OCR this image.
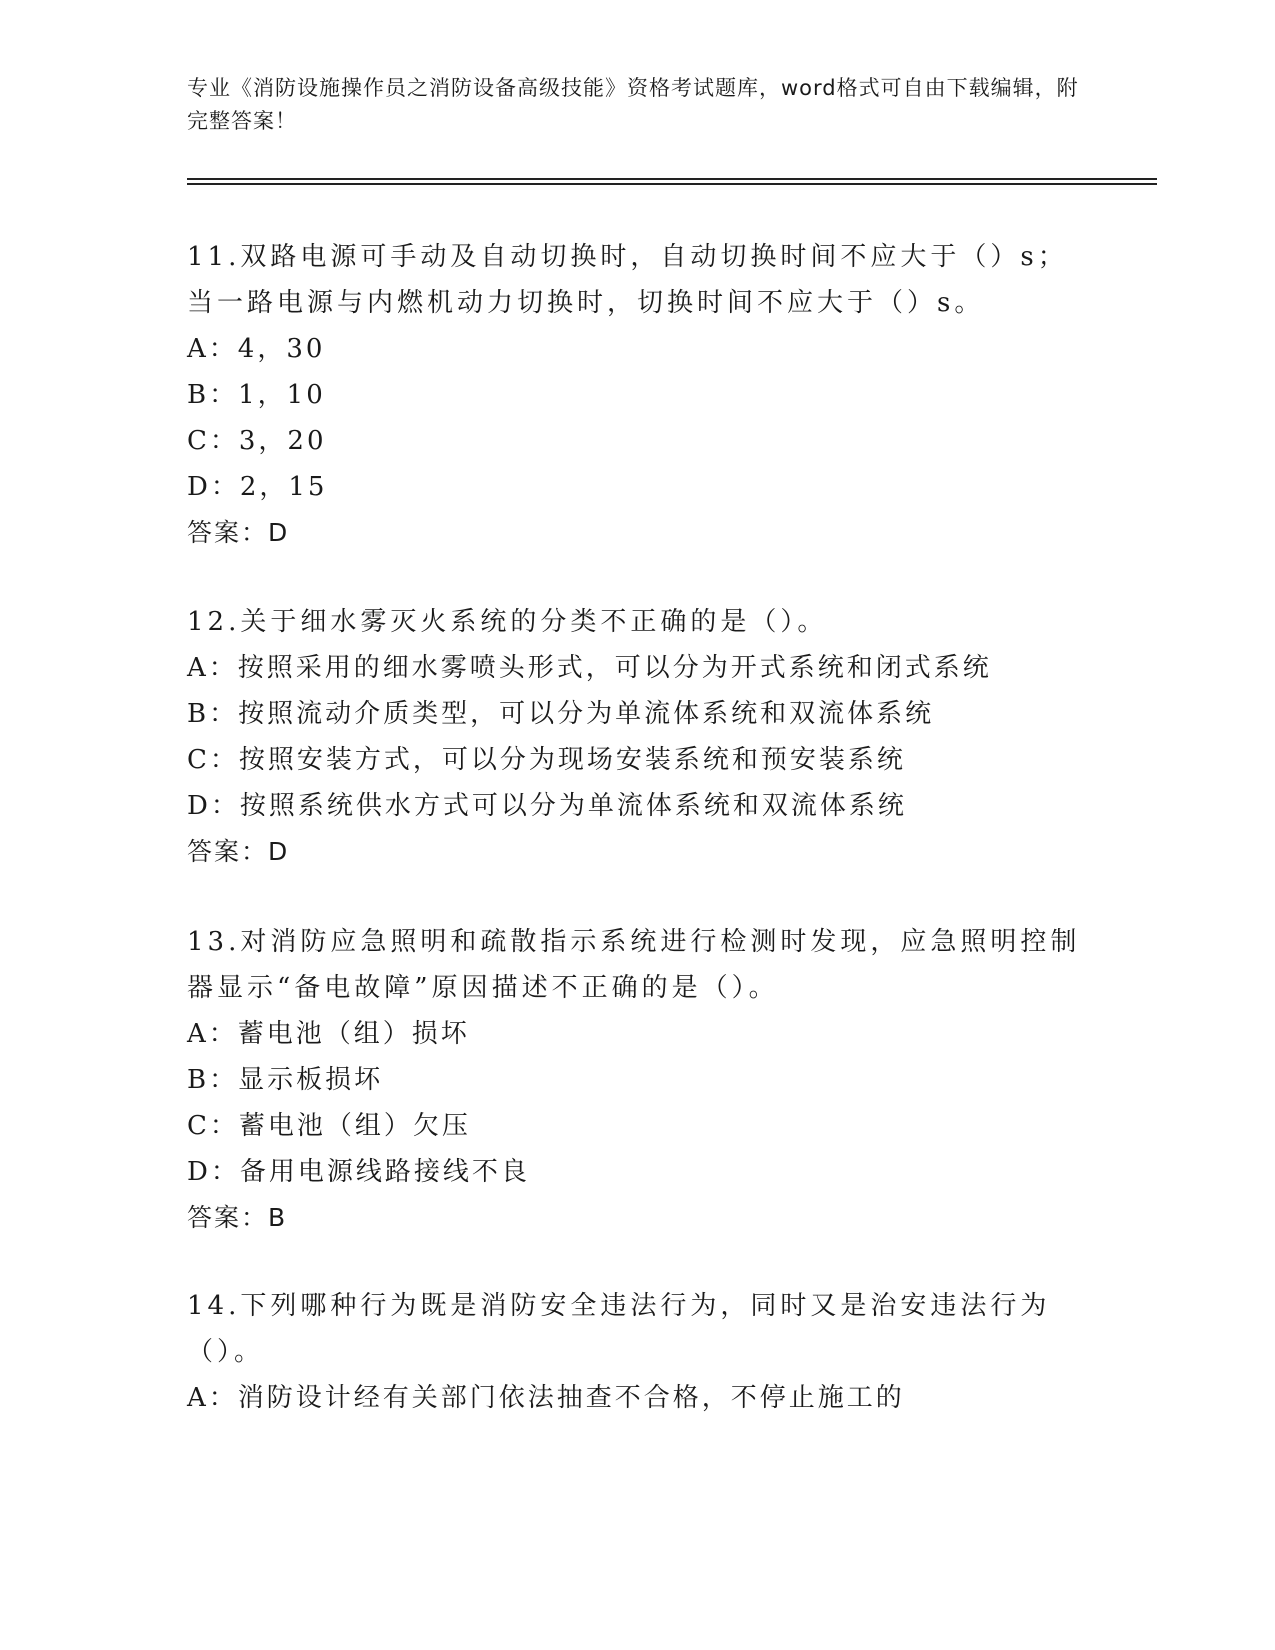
专业《消防设施操作员之消防设备高级技能》资格考试题库，word格式可自由下载编辑，附完整答案！

11.双路电源可手动及自动切换时，自动切换时间不应大于（）s；当一路电源与内燃机动力切换时，切换时间不应大于（）s。

A：4，30

B：1，10

C：3，20

D：2，15

答案：D

12.关于细水雾灭火系统的分类不正确的是（）。

A：按照采用的细水雾喷头形式，可以分为开式系统和闭式系统

B：按照流动介质类型，可以分为单流体系统和双流体系统

C：按照安装方式，可以分为现场安装系统和预安装系统

D：按照系统供水方式可以分为单流体系统和双流体系统

答案：D

13.对消防应急照明和疏散指示系统进行检测时发现，应急照明控制器显示“备电故障”原因描述不正确的是（）。

A：蓄电池（组）损坏

B：显示板损坏

C：蓄电池（组）欠压

D：备用电源线路接线不良

答案：B

14.下列哪种行为既是消防安全违法行为，同时又是治安违法行为（）。

A：消防设计经有关部门依法抽查不合格，不停止施工的
